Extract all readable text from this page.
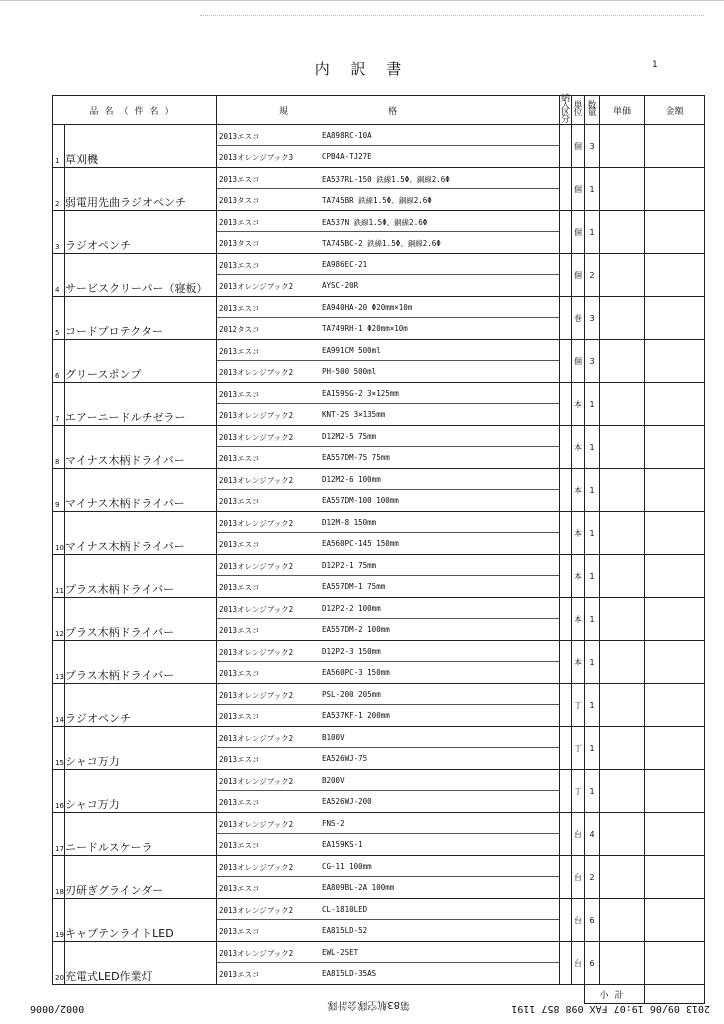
内 訳 書	1
品名（件名）		規格	納入区分	単位	数量	単価	金額

1	草刈機	2013エスコ EA898RC-10A
2013オレンジブック3 CPB4A-TJ27E		個	3		

2	弱電用先曲ラジオペンチ	2013エスコ EA537RL-150 鉄線1.5Φ、銅線2.6Φ
2013タスコ TA745BR 鉄線1.5Φ、銅線2.6Φ		個	1		

3	ラジオペンチ	2013エスコ EA537N 鉄線1.5Φ、銅線2.6Φ
2013タスコ TA745BC-2 鉄線1.5Φ、銅線2.6Φ		個	1		

4	サービスクリーパー（寝板）	2013エスコ EA986EC-21
2013オレンジブック2 AYSC-20R		個	2		

5	コードプロテクター	2013エスコ EA940HA-20 Φ20mm×10m
2012タスコ TA749RH-1 Φ20mm×10m		巻	3		

6	グリースポンプ	2013エスコ EA991CM 500ml
2013オレンジブック2 PH-500 500ml		個	3		

7	エアーニードルチゼラー	2013エスコ EA159SG-2 3×125mm
2013オレンジブック2 KNT-2S 3×135mm		本	1		

8	マイナス木柄ドライバー	2013オレンジブック2 D12M2-5 75mm
2013エスコ EA557DM-75 75mm		本	1		

9	マイナス木柄ドライバー	2013オレンジブック2 D12M2-6 100mm
2013エスコ EA557DM-100 100mm		本	1		

10	マイナス木柄ドライバー	2013オレンジブック2 D12M-8 150mm
2013エスコ EA560PC-145 150mm		本	1		

11	プラス木柄ドライバー	2013オレンジブック2 D12P2-1 75mm
2013エスコ EA557DM-1 75mm		本	1		

12	プラス木柄ドライバー	2013オレンジブック2 D12P2-2 100mm
2013エスコ EA557DM-2 100mm		本	1		

13	プラス木柄ドライバー	2013オレンジブック2 D12P2-3 150mm
2013エスコ EA560PC-3 150mm		本	1		

14	ラジオペンチ	2013オレンジブック2 PSL-200 205mm
2013エスコ EA537KF-1 200mm		丁	1		

15	シャコ万力	2013オレンジブック2 B100V
2013エスコ EA526WJ-75		丁	1		

16	シャコ万力	2013オレンジブック2 B200V
2013エスコ EA526WJ-200		丁	1		

17	ニードルスケーラ	2013オレンジブック2 FNS-2
2013エスコ EA159KS-1		台	4		

18	刃研ぎグラインダー	2013オレンジブック2 CG-11 100mm
2013エスコ EA809BL-2A 100mm		台	2		

19	キャプテンライトLED	2013オレンジブック2 CL-1810LED
2013エスコ EA815LD-52		台	6		

20	充電式LED作業灯	2013オレンジブック2 EWL-2SET
2013エスコ EA815LD-35AS		台	6		
					小計		
2013 09/06 19:07 FAX 098 857 1191
第83航空隊会計隊
0002/0006
